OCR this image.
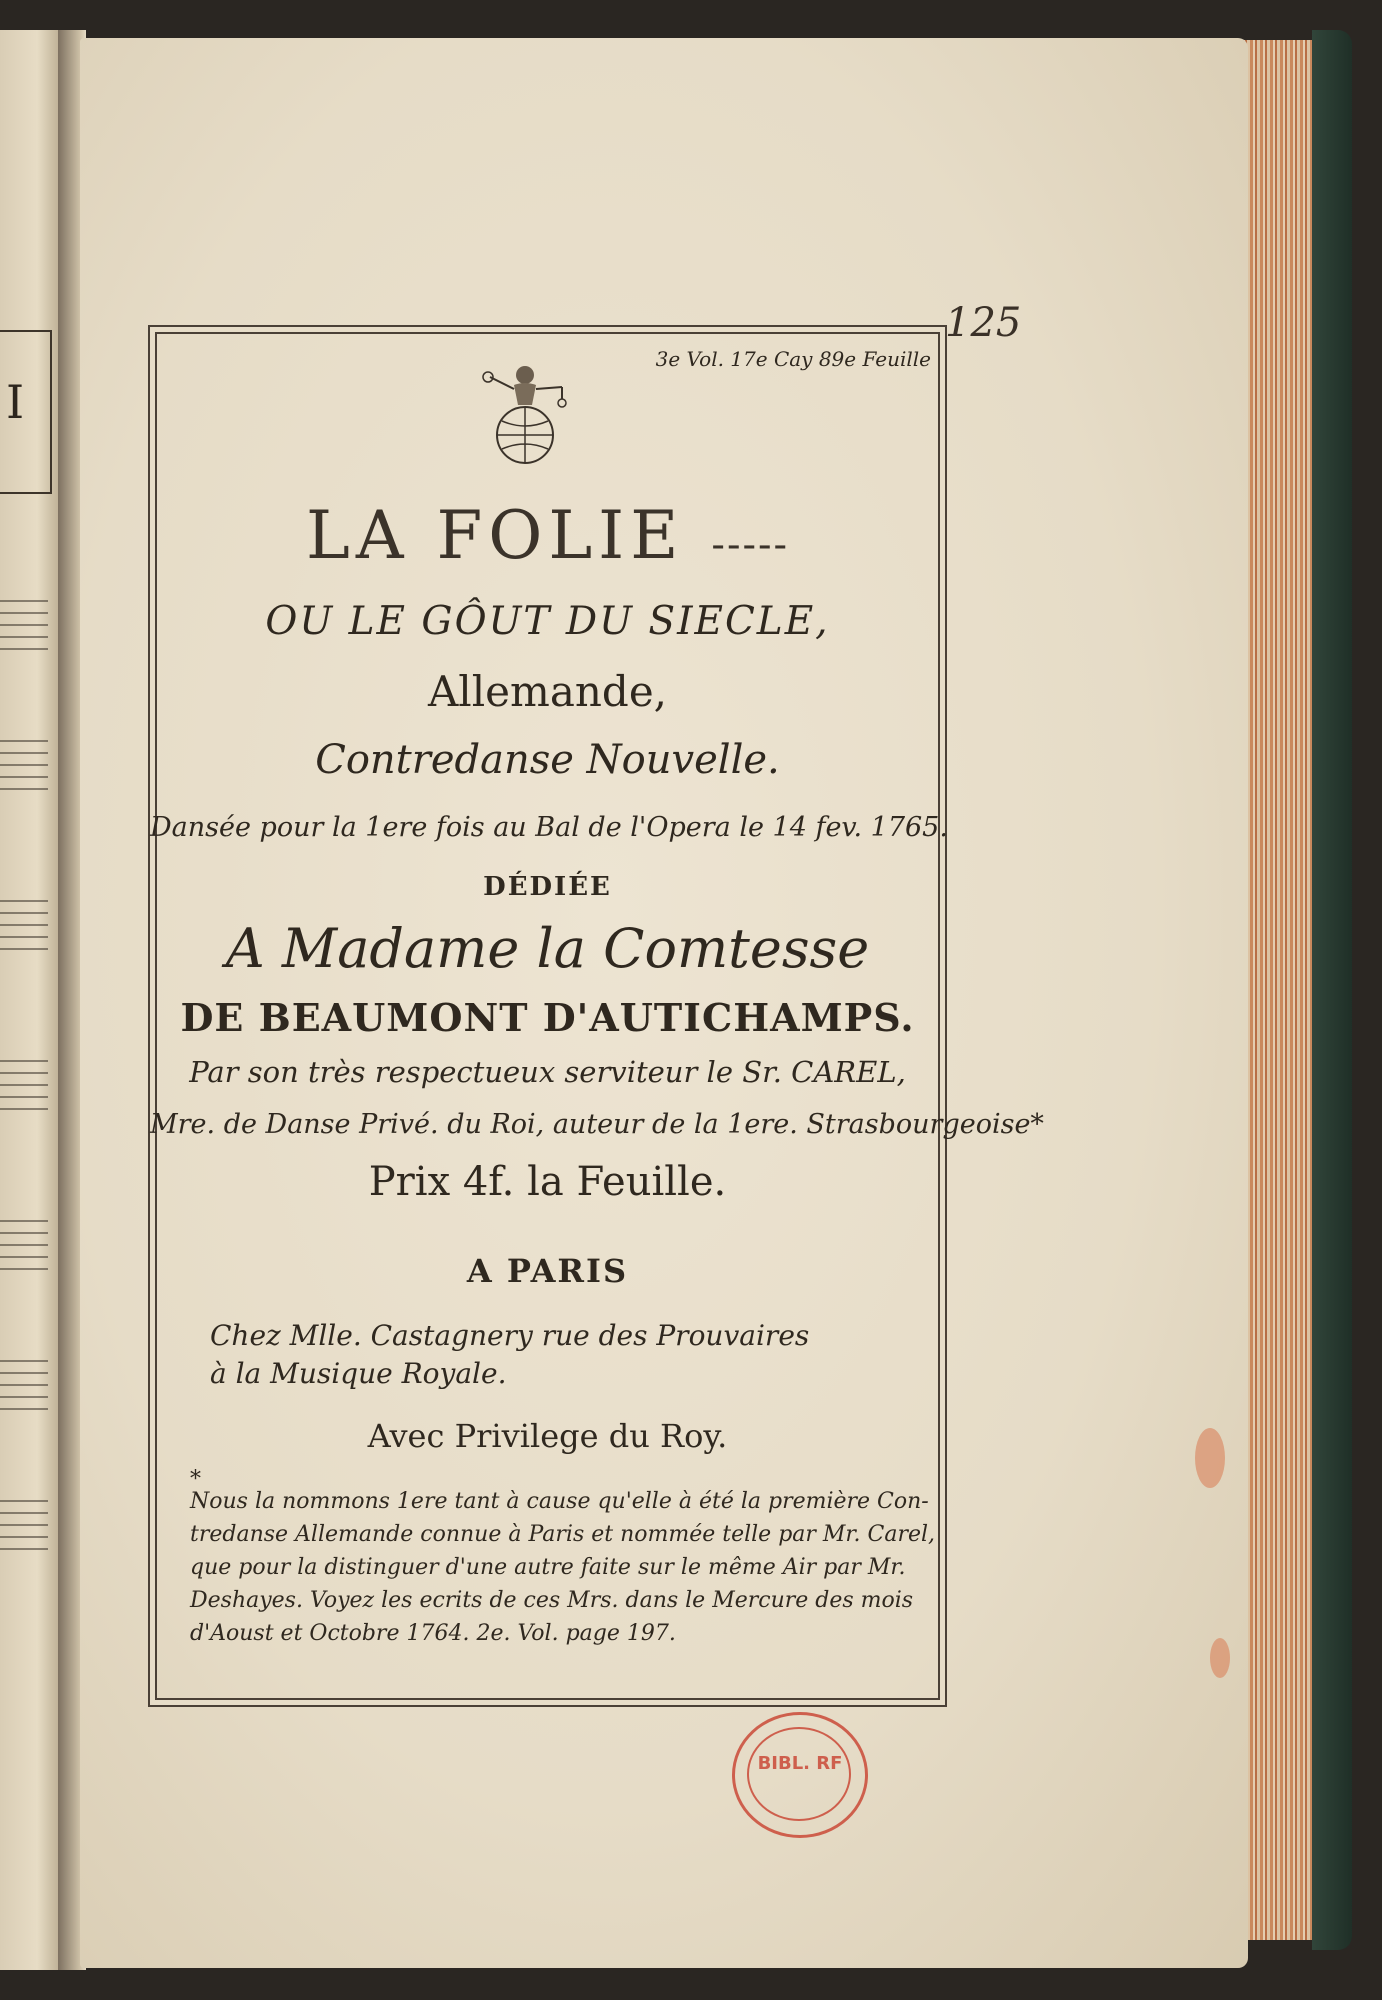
I
125
3e Vol. 17e Cay 89e Feuille
LA FOLIE -----
OU LE GÔUT DU SIECLE,
Allemande,
Contredanse Nouvelle.
Dansée pour la 1ere fois au Bal de l'Opera le 14 fev. 1765.
DÉDIÉE
A Madame la Comtesse
DE BEAUMONT D'AUTICHAMPS.
Par son très respectueux serviteur le Sr. CAREL,
Mre. de Danse Privé. du Roi, auteur de la 1ere. Strasbourgeoise*
Prix 4f. la Feuille.
A PARIS
Chez Mlle. Castagnery rue des Prouvaires
à la Musique Royale.
Avec Privilege du Roy.
*
Nous la nommons 1ere tant à cause qu'elle à été la première Con-
tredanse Allemande connue à Paris et nommée telle par Mr. Carel,
que pour la distinguer d'une autre faite sur le même Air par Mr.
Deshayes. Voyez les ecrits de ces Mrs. dans le Mercure des mois
d'Aoust et Octobre 1764. 2e. Vol. page 197.
BIBL. RF
